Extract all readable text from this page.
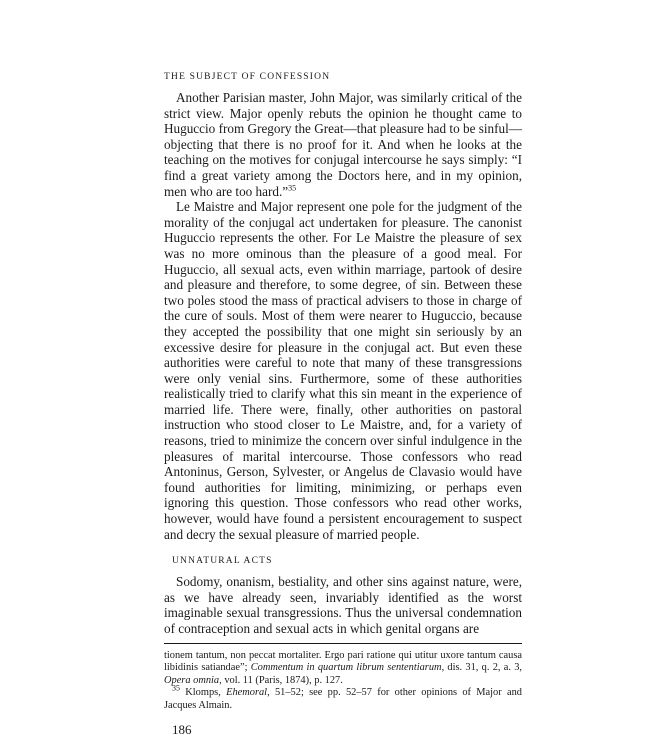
THE SUBJECT OF CONFESSION

Another Parisian master, John Major, was similarly critical of the strict view. Major openly rebuts the opinion he thought came to Huguccio from Gregory the Great—that pleasure had to be sinful—objecting that there is no proof for it. And when he looks at the teaching on the motives for conjugal intercourse he says simply: “I find a great variety among the Doctors here, and in my opinion, men who are too hard.”$^{35}$

Le Maistre and Major represent one pole for the judgment of the morality of the conjugal act undertaken for pleasure. The canonist Huguccio represents the other. For Le Maistre the pleasure of sex was no more ominous than the pleasure of a good meal. For Huguccio, all sexual acts, even within marriage, partook of desire and pleasure and therefore, to some degree, of sin. Between these two poles stood the mass of practical advisers to those in charge of the cure of souls. Most of them were nearer to Huguccio, because they accepted the possibility that one might sin seriously by an excessive desire for pleasure in the conjugal act. But even these authorities were careful to note that many of these transgressions were only venial sins. Furthermore, some of these authorities realistically tried to clarify what this sin meant in the experience of married life. There were, finally, other authorities on pastoral instruction who stood closer to Le Maistre, and, for a variety of reasons, tried to minimize the concern over sinful indulgence in the pleasures of marital intercourse. Those confessors who read Antoninus, Gerson, Sylvester, or Angelus de Clavasio would have found authorities for limiting, minimizing, or perhaps even ignoring this question. Those confessors who read other works, however, would have found a persistent encouragement to suspect and decry the sexual pleasure of married people.

UNNATURAL ACTS

Sodomy, onanism, bestiality, and other sins against nature, were, as we have already seen, invariably identified as the worst imaginable sexual transgressions. Thus the universal condemnation of contraception and sexual acts in which genital organs are

tionem tantum, non peccat mortaliter. Ergo pari ratione qui utitur uxore tantum causa libidinis satiandae”; Commentum in quartum librum sententiarum, dis. 31, q. 2, a. 3, Opera omnia, vol. 11 (Paris, 1874), p. 127.

$^{35}$ Klomps, Ehemoral, 51–52; see pp. 52–57 for other opinions of Major and Jacques Almain.

186
